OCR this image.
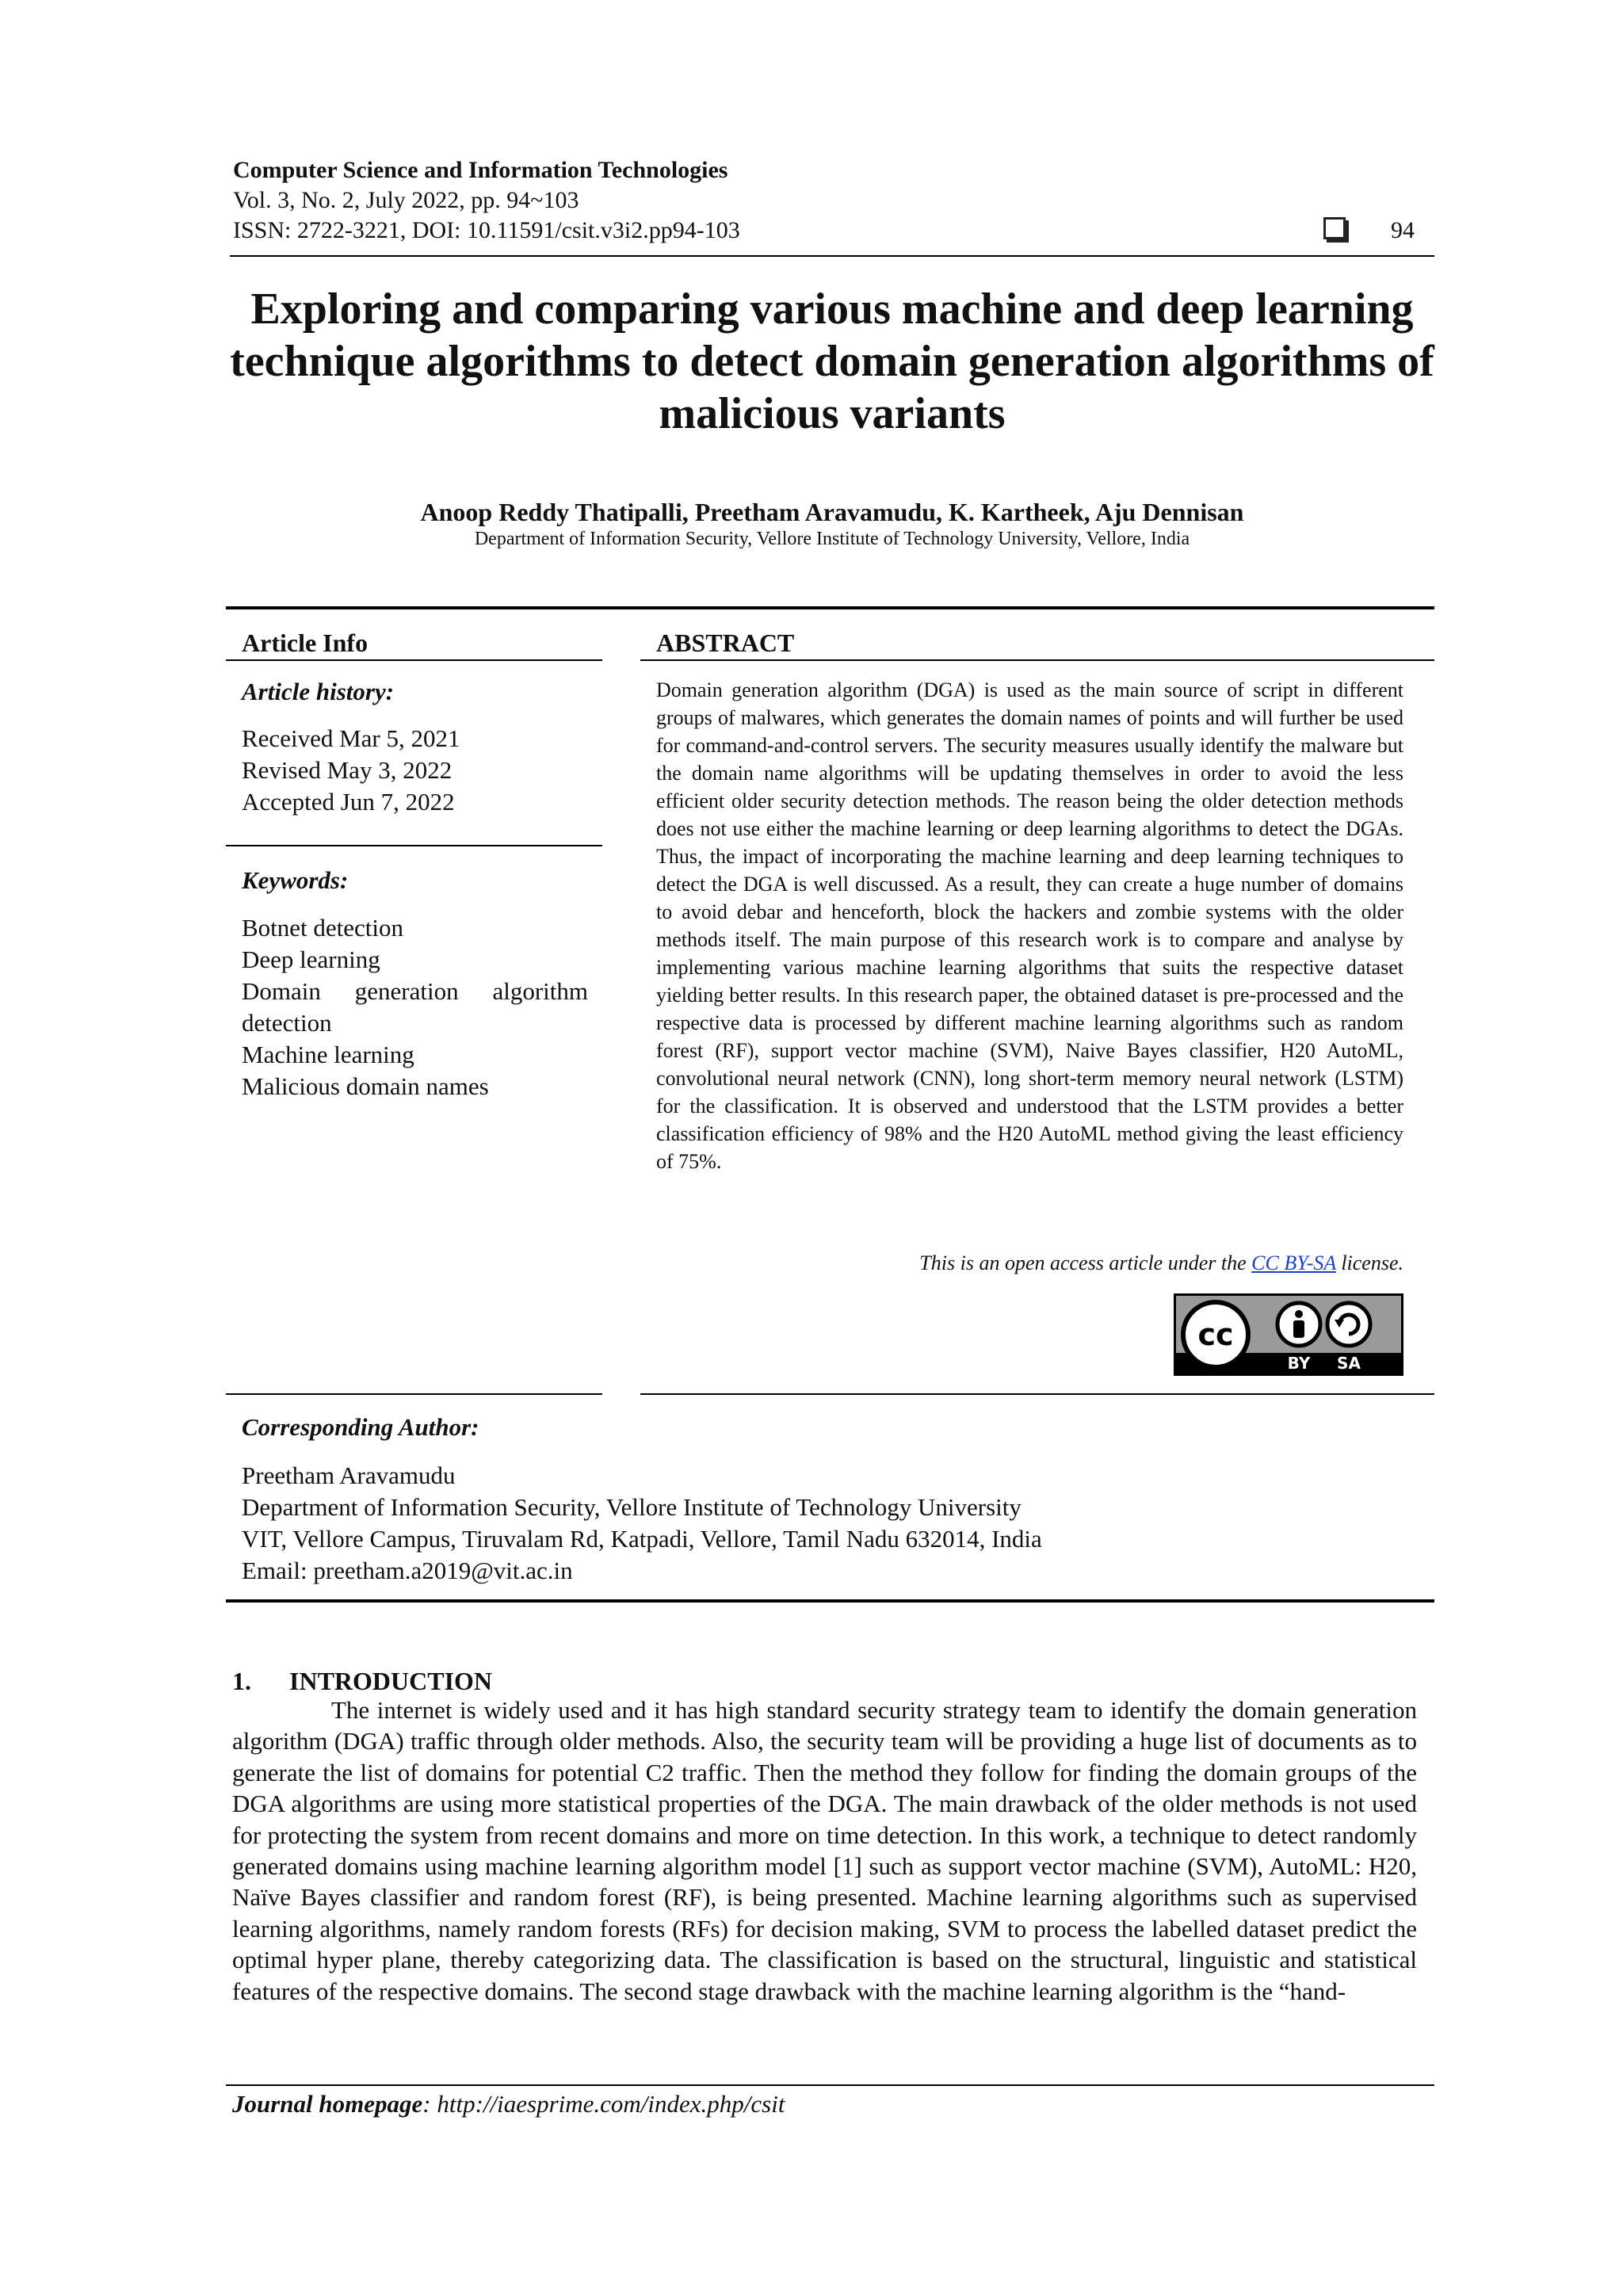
Computer Science and Information Technologies
Vol. 3, No. 2, July 2022, pp. 94~103
ISSN: 2722-3221, DOI: 10.11591/csit.v3i2.pp94-103	94
Exploring and comparing various machine and deep learning technique algorithms to detect domain generation algorithms of malicious variants
Anoop Reddy Thatipalli, Preetham Aravamudu, K. Kartheek, Aju Dennisan
Department of Information Security, Vellore Institute of Technology University, Vellore, India
Article Info
Article history:
Received Mar 5, 2021
Revised May 3, 2022
Accepted Jun 7, 2022
Keywords:
Botnet detection
Deep learning
Domain generation algorithm detection
Machine learning
Malicious domain names
ABSTRACT
Domain generation algorithm (DGA) is used as the main source of script in different groups of malwares, which generates the domain names of points and will further be used for command-and-control servers. The security measures usually identify the malware but the domain name algorithms will be updating themselves in order to avoid the less efficient older security detection methods. The reason being the older detection methods does not use either the machine learning or deep learning algorithms to detect the DGAs. Thus, the impact of incorporating the machine learning and deep learning techniques to detect the DGA is well discussed. As a result, they can create a huge number of domains to avoid debar and henceforth, block the hackers and zombie systems with the older methods itself. The main purpose of this research work is to compare and analyse by implementing various machine learning algorithms that suits the respective dataset yielding better results. In this research paper, the obtained dataset is pre-processed and the respective data is processed by different machine learning algorithms such as random forest (RF), support vector machine (SVM), Naive Bayes classifier, H20 AutoML, convolutional neural network (CNN), long short-term memory neural network (LSTM) for the classification. It is observed and understood that the LSTM provides a better classification efficiency of 98% and the H20 AutoML method giving the least efficiency of 75%.
This is an open access article under the CC BY-SA license.
cc
BY SA
Corresponding Author:
Preetham Aravamudu
Department of Information Security, Vellore Institute of Technology University
VIT, Vellore Campus, Tiruvalam Rd, Katpadi, Vellore, Tamil Nadu 632014, India
Email: preetham.a2019@vit.ac.in
1. INTRODUCTION
The internet is widely used and it has high standard security strategy team to identify the domain generation algorithm (DGA) traffic through older methods. Also, the security team will be providing a huge list of documents as to generate the list of domains for potential C2 traffic. Then the method they follow for finding the domain groups of the DGA algorithms are using more statistical properties of the DGA. The main drawback of the older methods is not used for protecting the system from recent domains and more on time detection. In this work, a technique to detect randomly generated domains using machine learning algorithm model [1] such as support vector machine (SVM), AutoML: H20, Naïve Bayes classifier and random forest (RF), is being presented. Machine learning algorithms such as supervised learning algorithms, namely random forests (RFs) for decision making, SVM to process the labelled dataset predict the optimal hyper plane, thereby categorizing data. The classification is based on the structural, linguistic and statistical features of the respective domains. The second stage drawback with the machine learning algorithm is the “hand-
Journal homepage: http://iaesprime.com/index.php/csit
